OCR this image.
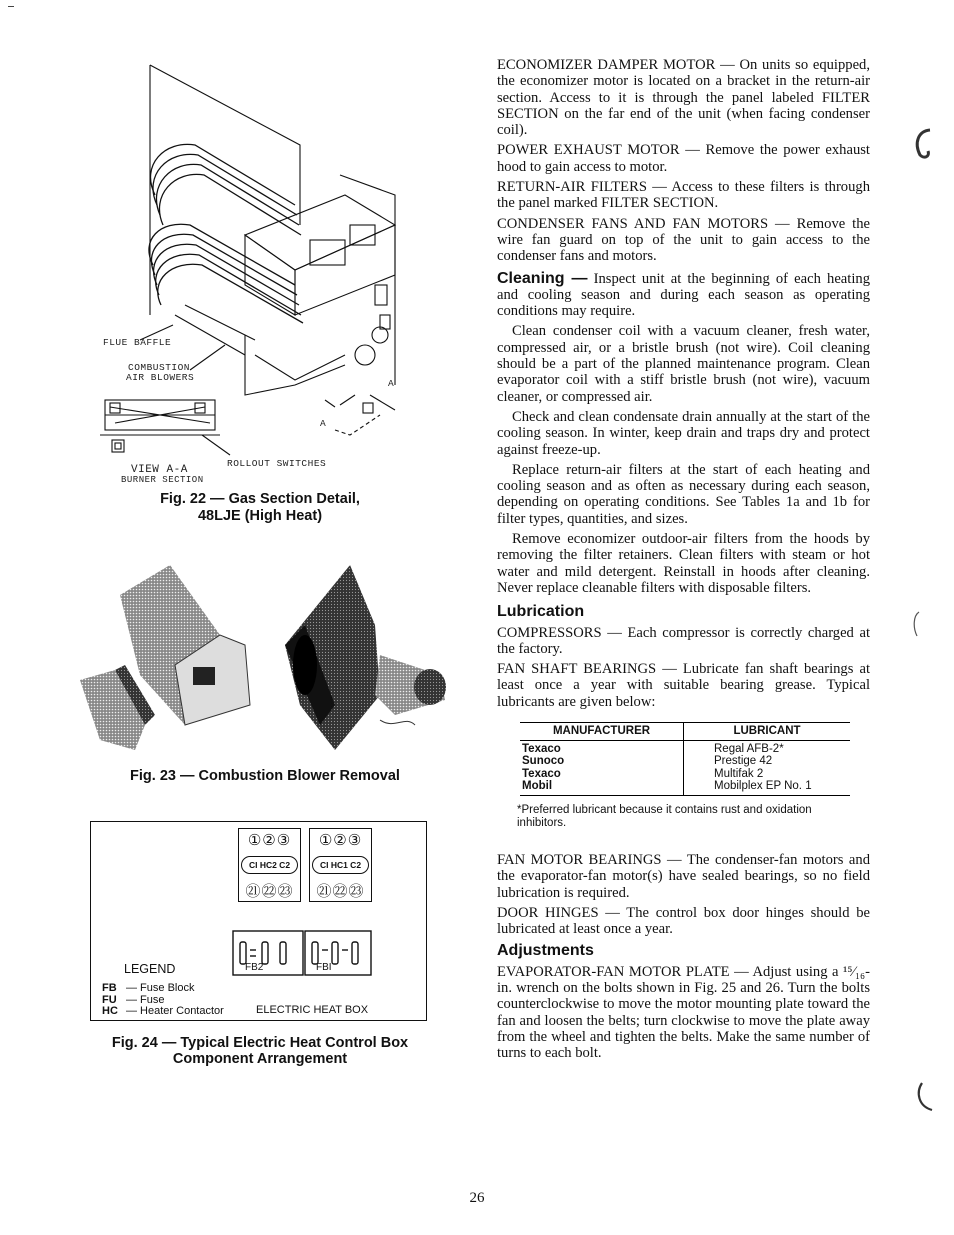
FLUE BAFFLE
COMBUSTION
AIR BLOWERS
A
A
VIEW A-A
BURNER SECTION
ROLLOUT SWITCHES
Fig. 22 — Gas Section Detail,
48LJE (High Heat)
Fig. 23 — Combustion Blower Removal
①②③	①②③
CI HC2 C2	CI HC1 C2
㉑㉒㉓	㉑㉒㉓
FB2	FBI
LEGEND
FB — Fuse Block
FU — Fuse
HC — Heater Contactor	ELECTRIC HEAT BOX
Fig. 24 — Typical Electric Heat Control Box
Component Arrangement

ECONOMIZER DAMPER MOTOR — On units so equipped, the economizer motor is located on a bracket in the return-air section. Access to it is through the panel labeled FILTER SECTION on the far end of the unit (when facing condenser coil).

POWER EXHAUST MOTOR — Remove the power exhaust hood to gain access to motor.

RETURN-AIR FILTERS — Access to these filters is through the panel marked FILTER SECTION.

CONDENSER FANS AND FAN MOTORS — Remove the wire fan guard on top of the unit to gain access to the condenser fans and motors.

Cleaning — Inspect unit at the beginning of each heating and cooling season and during each season as operating conditions may require.

Clean condenser coil with a vacuum cleaner, fresh water, compressed air, or a bristle brush (not wire). Coil cleaning should be a part of the planned maintenance program. Clean evaporator coil with a stiff bristle brush (not wire), vacuum cleaner, or compressed air.

Check and clean condensate drain annually at the start of the cooling season. In winter, keep drain and traps dry and protect against freeze-up.

Replace return-air filters at the start of each heating and cooling season and as often as necessary during each season, depending on operating conditions. See Tables 1a and 1b for filter types, quantities, and sizes.

Remove economizer outdoor-air filters from the hoods by removing the filter retainers. Clean filters with steam or hot water and mild detergent. Reinstall in hoods after cleaning. Never replace cleanable filters with disposable filters.

Lubrication

COMPRESSORS — Each compressor is correctly charged at the factory.

FAN SHAFT BEARINGS — Lubricate fan shaft bearings at least once a year with suitable bearing grease. Typical lubricants are given below:

MANUFACTURER	LUBRICANT
Texaco	Regal AFB-2*
Sunoco	Prestige 42
Texaco	Multifak 2
Mobil	Mobilplex EP No. 1
*Preferred lubricant because it contains rust and oxidation inhibitors.

FAN MOTOR BEARINGS — The condenser-fan motors and the evaporator-fan motor(s) have sealed bearings, so no field lubrication is required.

DOOR HINGES — The control box door hinges should be lubricated at least once a year.

Adjustments

EVAPORATOR-FAN MOTOR PLATE — Adjust using a ¹⁵⁄₁₆-in. wrench on the bolts shown in Fig. 25 and 26. Turn the bolts counterclockwise to move the motor mounting plate toward the fan and loosen the belts; turn clockwise to move the plate away from the wheel and tighten the belts. Make the same number of turns to each bolt.

26
